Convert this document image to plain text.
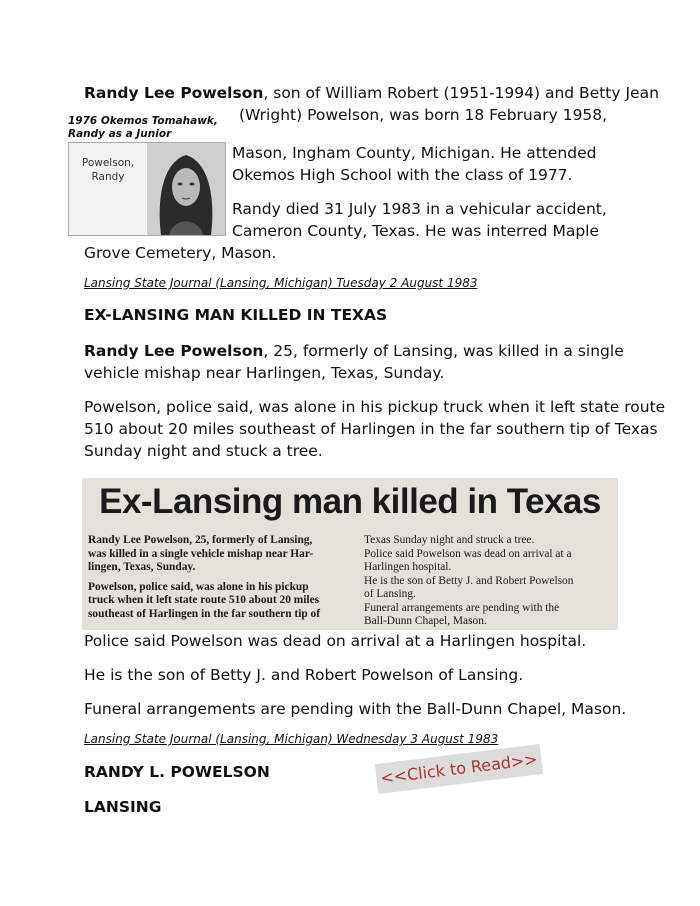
Randy Lee Powelson, son of William Robert (1951-1994) and Betty Jean
1976 Okemos Tomahawk,
Randy as a Junior
(Wright) Powelson, was born 18 February 1958,
Powelson,
Randy
Mason, Ingham County, Michigan. He attended
Okemos High School with the class of 1977.
Randy died 31 July 1983 in a vehicular accident,
Cameron County, Texas. He was interred Maple
Grove Cemetery, Mason.
Lansing State Journal (Lansing, Michigan) Tuesday 2 August 1983
EX-LANSING MAN KILLED IN TEXAS
Randy Lee Powelson, 25, formerly of Lansing, was killed in a single
vehicle mishap near Harlingen, Texas, Sunday.
Powelson, police said, was alone in his pickup truck when it left state route
510 about 20 miles southeast of Harlingen in the far southern tip of Texas
Sunday night and stuck a tree.
Ex-Lansing man killed in Texas
Randy Lee Powelson, 25, formerly of Lansing,
was killed in a single vehicle mishap near Har-
lingen, Texas, Sunday.
Powelson, police said, was alone in his pickup
truck when it left state route 510 about 20 miles
southeast of Harlingen in the far southern tip of
Texas Sunday night and struck a tree.
Police said Powelson was dead on arrival at a
Harlingen hospital.
He is the son of Betty J. and Robert Powelson
of Lansing.
Funeral arrangements are pending with the
Ball-Dunn Chapel, Mason.
Police said Powelson was dead on arrival at a Harlingen hospital.
He is the son of Betty J. and Robert Powelson of Lansing.
Funeral arrangements are pending with the Ball-Dunn Chapel, Mason.
Lansing State Journal (Lansing, Michigan) Wednesday 3 August 1983
RANDY L. POWELSON
LANSING
<<Click to Read>>
